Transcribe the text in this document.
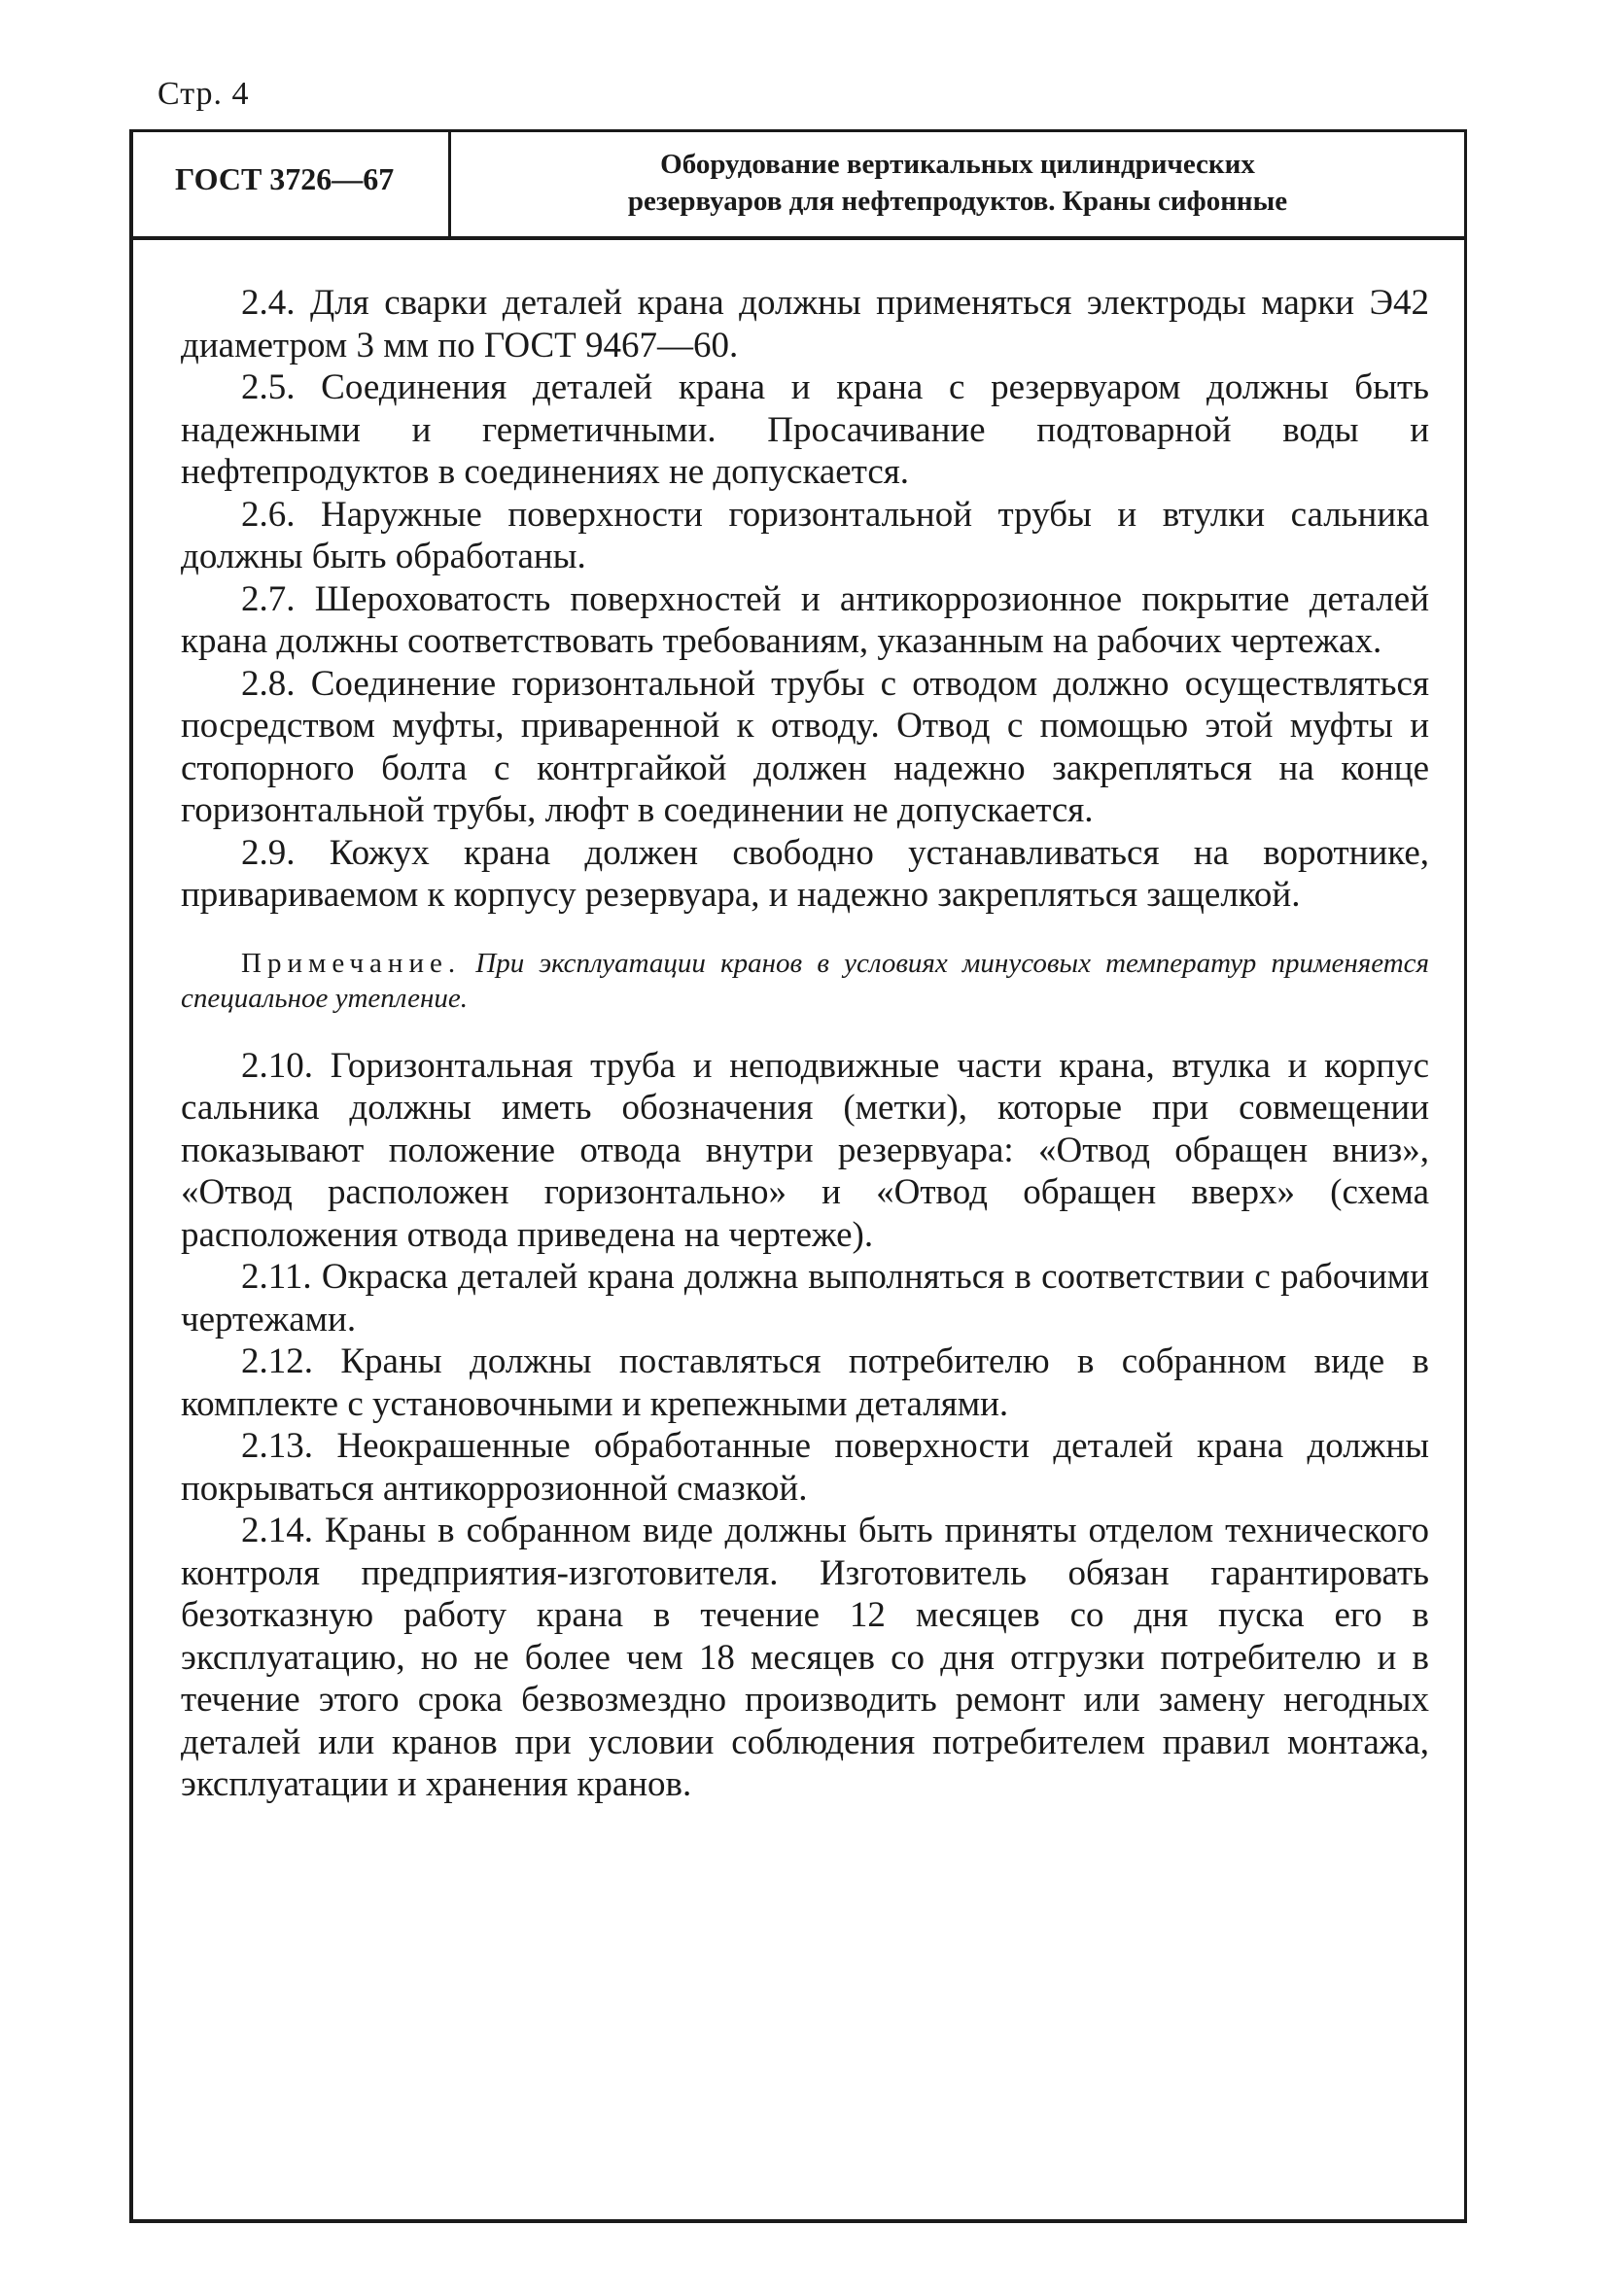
Стр. 4
ГОСТ 3726—67	Оборудование вертикальных цилиндрических
резервуаров для нефтепродуктов. Краны сифонные

2.4. Для сварки деталей крана должны применяться электроды марки Э42 диаметром 3 мм по ГОСТ 9467—60.

2.5. Соединения деталей крана и крана с резервуаром должны быть надежными и герметичными. Просачивание подтоварной воды и нефтепродуктов в соединениях не допускается.

2.6. Наружные поверхности горизонтальной трубы и втулки сальника должны быть обработаны.

2.7. Шероховатость поверхностей и антикоррозионное покрытие деталей крана должны соответствовать требованиям, указанным на рабочих чертежах.

2.8. Соединение горизонтальной трубы с отводом должно осуществляться посредством муфты, приваренной к отводу. Отвод с помощью этой муфты и стопорного болта с контргайкой должен надежно закрепляться на конце горизонтальной трубы, люфт в соединении не допускается.

2.9. Кожух крана должен свободно устанавливаться на воротнике, привариваемом к корпусу резервуара, и надежно закрепляться защелкой.

Примечание. При эксплуатации кранов в условиях минусовых температур применяется специальное утепление.

2.10. Горизонтальная труба и неподвижные части крана, втулка и корпус сальника должны иметь обозначения (метки), которые при совмещении показывают положение отвода внутри резервуара: «Отвод обращен вниз», «Отвод расположен горизонтально» и «Отвод обращен вверх» (схема расположения отвода приведена на чертеже).

2.11. Окраска деталей крана должна выполняться в соответствии с рабочими чертежами.

2.12. Краны должны поставляться потребителю в собранном виде в комплекте с установочными и крепежными деталями.

2.13. Неокрашенные обработанные поверхности деталей крана должны покрываться антикоррозионной смазкой.

2.14. Краны в собранном виде должны быть приняты отделом технического контроля предприятия-изготовителя. Изготовитель обязан гарантировать безотказную работу крана в течение 12 месяцев со дня пуска его в эксплуатацию, но не более чем 18 месяцев со дня отгрузки потребителю и в течение этого срока безвозмездно производить ремонт или замену негодных деталей или кранов при условии соблюдения потребителем правил монтажа, эксплуатации и хранения кранов.
